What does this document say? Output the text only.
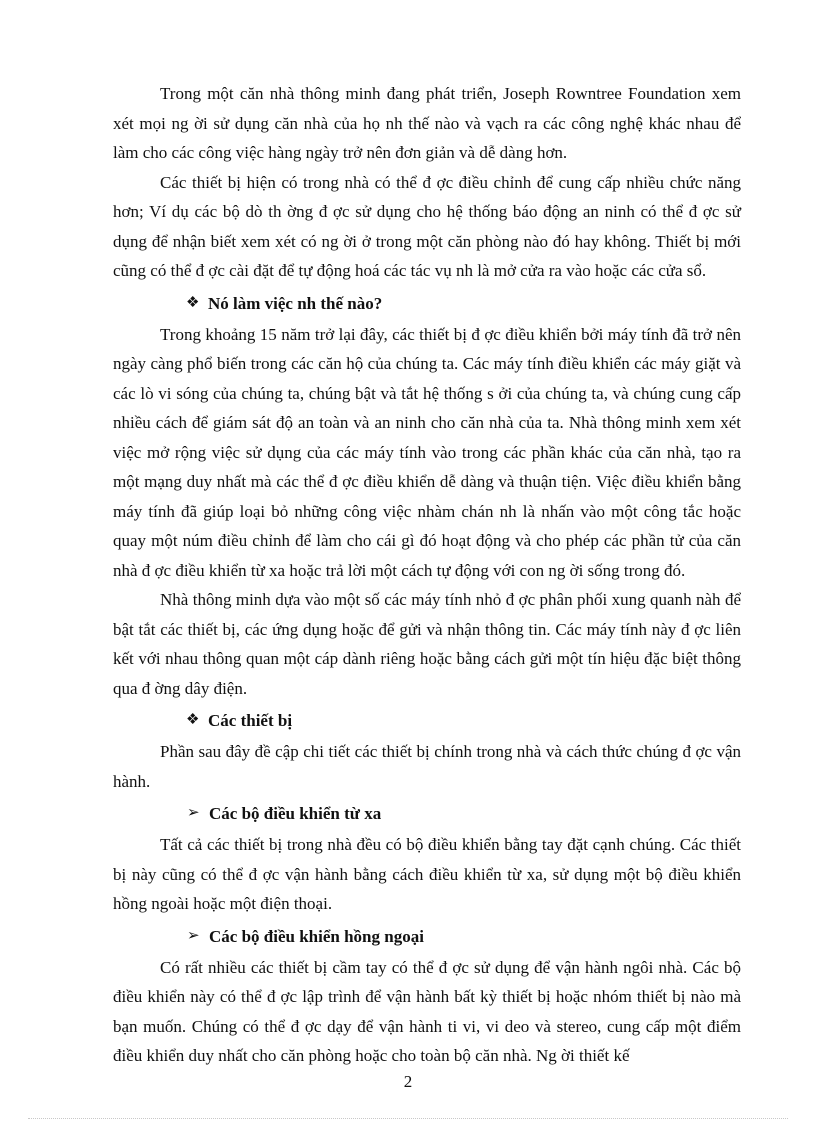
Trong một căn nhà thông minh đang phát triển, Joseph Rowntree Foundation xem xét mọi ng ời sử dụng căn nhà của họ nh thế nào và vạch ra các công nghệ khác nhau để làm cho các công việc hàng ngày trở nên đơn giản và dễ dàng hơn.

Các thiết bị hiện có trong nhà có thể đ ợc điều chỉnh để cung cấp nhiều chức năng hơn; Ví dụ các bộ dò th ờng đ ợc sử dụng cho hệ thống báo động an ninh có thể đ ợc sử dụng để nhận biết xem xét có ng ời ở trong một căn phòng nào đó hay không. Thiết bị mới cũng có thể đ ợc cài đặt để tự động hoá các tác vụ nh là mở cửa ra vào hoặc các cửa sổ.

❖ Nó làm việc nh thế nào?

Trong khoảng 15 năm trở lại đây, các thiết bị đ ợc điều khiển bởi máy tính đã trở nên ngày càng phổ biến trong các căn hộ của chúng ta. Các máy tính điều khiển các máy giặt và các lò vi sóng của chúng ta, chúng bật và tắt hệ thống s ởi của chúng ta, và chúng cung cấp nhiều cách để giám sát độ an toàn và an ninh cho căn nhà của ta. Nhà thông minh xem xét việc mở rộng việc sử dụng của các máy tính vào trong các phần khác của căn nhà, tạo ra một mạng duy nhất mà các thể đ ợc điều khiển dễ dàng và thuận tiện. Việc điều khiển bằng máy tính đã giúp loại bỏ những công việc nhàm chán nh là nhấn vào một công tắc hoặc quay một núm điều chỉnh để làm cho cái gì đó hoạt động và cho phép các phần tử của căn nhà đ ợc điều khiển từ xa hoặc trả lời một cách tự động với con ng ời sống trong đó.

Nhà thông minh dựa vào một số các máy tính nhỏ đ ợc phân phối xung quanh nàh để bật tắt các thiết bị, các ứng dụng hoặc để gửi và nhận thông tin. Các máy tính này đ ợc liên kết với nhau thông quan một cáp dành riêng hoặc bằng cách gửi một tín hiệu đặc biệt thông qua đ ờng dây điện.

❖ Các thiết bị

Phần sau đây đề cập chi tiết các thiết bị chính trong nhà và cách thức chúng đ ợc vận hành.

➢ Các bộ điều khiển từ xa

Tất cả các thiết bị trong nhà đều có bộ điều khiển bằng tay đặt cạnh chúng. Các thiết bị này cũng có thể đ ợc vận hành bằng cách điều khiển từ xa, sử dụng một bộ điều khiển hồng ngoài hoặc một điện thoại.

➢ Các bộ điều khiển hồng ngoại

Có rất nhiều các thiết bị cầm tay có thể đ ợc sử dụng để vận hành ngôi nhà. Các bộ điều khiển này có thể đ ợc lập trình để vận hành bất kỳ thiết bị hoặc nhóm thiết bị nào mà bạn muốn. Chúng có thể đ ợc dạy để vận hành ti vi, vi deo và stereo, cung cấp một điểm điều khiển duy nhất cho căn phòng hoặc cho toàn bộ căn nhà. Ng ời thiết kế

2
